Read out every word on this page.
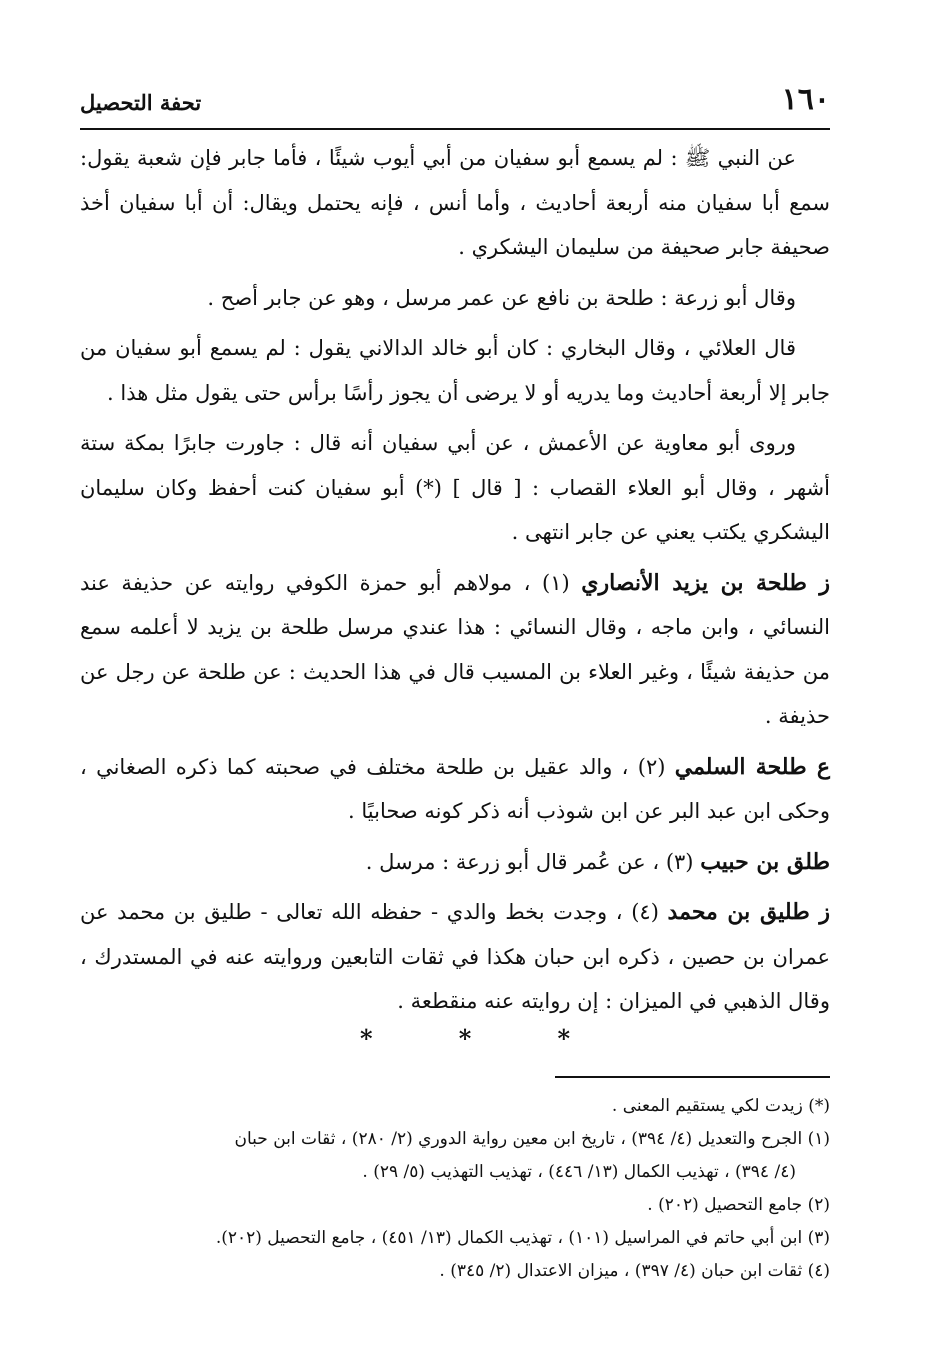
١٦٠
تحفة التحصيل

عن النبي ﷺ : لم يسمع أبو سفيان من أبي أيوب شيئًا ، فأما جابر فإن شعبة يقول: سمع أبا سفيان منه أربعة أحاديث ، وأما أنس ، فإنه يحتمل ويقال: أن أبا سفيان أخذ صحيفة جابر صحيفة من سليمان اليشكري .

وقال أبو زرعة : طلحة بن نافع عن عمر مرسل ، وهو عن جابر أصح .

قال العلائي ، وقال البخاري : كان أبو خالد الدالاني يقول : لم يسمع أبو سفيان من جابر إلا أربعة أحاديث وما يدريه أو لا يرضى أن يجوز رأسًا برأس حتى يقول مثل هذا .

وروى أبو معاوية عن الأعمش ، عن أبي سفيان أنه قال : جاورت جابرًا بمكة ستة أشهر ، وقال أبو العلاء القصاب : [ قال ] (*) أبو سفيان كنت أحفظ وكان سليمان اليشكري يكتب يعني عن جابر انتهى .

ز طلحة بن يزيد الأنصاري (١) ، مولاهم أبو حمزة الكوفي روايته عن حذيفة عند النسائي ، وابن ماجه ، وقال النسائي : هذا عندي مرسل طلحة بن يزيد لا أعلمه سمع من حذيفة شيئًا ، وغير العلاء بن المسيب قال في هذا الحديث : عن طلحة عن رجل عن حذيفة .

ع طلحة السلمي (٢) ، والد عقيل بن طلحة مختلف في صحبته كما ذكره الصغاني ، وحكى ابن عبد البر عن ابن شوذب أنه ذكر كونه صحابيًا .

طلق بن حبيب (٣) ، عن عُمر قال أبو زرعة : مرسل .

ز طليق بن محمد (٤) ، وجدت بخط والدي - حفظه الله تعالى - طليق بن محمد عن عمران بن حصين ، ذكره ابن حبان هكذا في ثقات التابعين وروايته عنه في المستدرك ، وقال الذهبي في الميزان : إن روايته عنه منقطعة .

*	*	*

(*) زيدت لكي يستقيم المعنى .

(١) الجرح والتعديل (٤/ ٣٩٤) ، تاريخ ابن معين رواية الدوري (٢/ ٢٨٠) ، ثقات ابن حبان
(٤/ ٣٩٤) ، تهذيب الكمال (١٣/ ٤٤٦) ، تهذيب التهذيب (٥/ ٢٩) .

(٢) جامع التحصيل (٢٠٢) .

(٣) ابن أبي حاتم في المراسيل (١٠١) ، تهذيب الكمال (١٣/ ٤٥١) ، جامع التحصيل (٢٠٢).

(٤) ثقات ابن حبان (٤/ ٣٩٧) ، ميزان الاعتدال (٢/ ٣٤٥) .
